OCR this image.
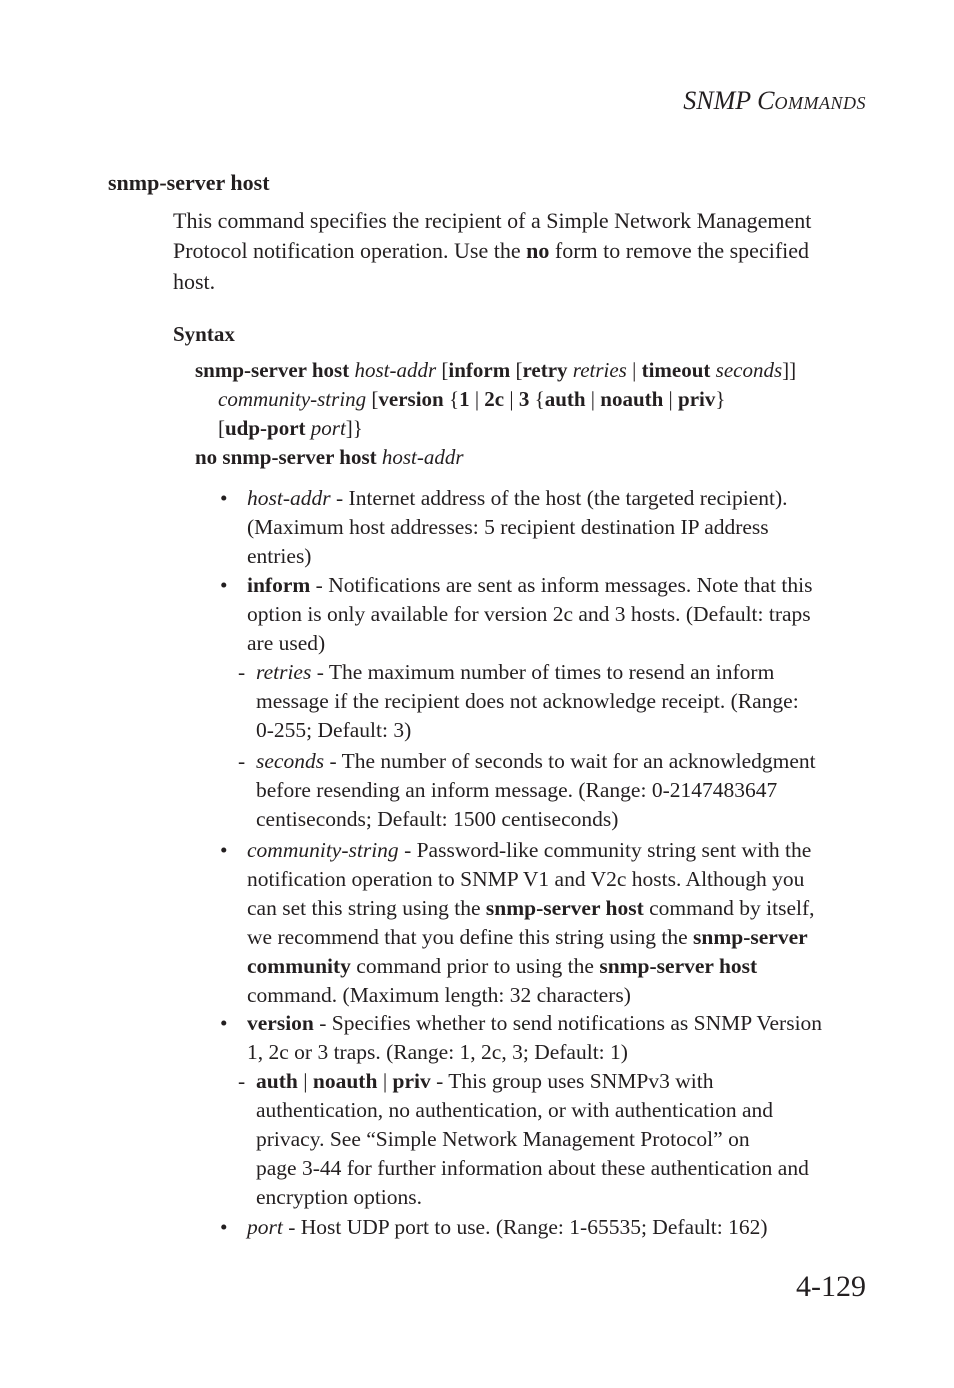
SNMP COMMANDS
snmp-server host
This command specifies the recipient of a Simple Network Management
Protocol notification operation. Use the no form to remove the specified
host.
Syntax
snmp-server host host-addr [inform [retry retries | timeout seconds]]
community-string [version {1 | 2c | 3 {auth | noauth | priv}
[udp-port port]}
no snmp-server host host-addr
• host-addr - Internet address of the host (the targeted recipient).
(Maximum host addresses: 5 recipient destination IP address
entries)
• inform - Notifications are sent as inform messages. Note that this
option is only available for version 2c and 3 hosts. (Default: traps
are used)
- retries - The maximum number of times to resend an inform
message if the recipient does not acknowledge receipt. (Range:
0-255; Default: 3)
- seconds - The number of seconds to wait for an acknowledgment
before resending an inform message. (Range: 0-2147483647
centiseconds; Default: 1500 centiseconds)
• community-string - Password-like community string sent with the
notification operation to SNMP V1 and V2c hosts. Although you
can set this string using the snmp-server host command by itself,
we recommend that you define this string using the snmp-server
community command prior to using the snmp-server host
command. (Maximum length: 32 characters)
• version - Specifies whether to send notifications as SNMP Version
1, 2c or 3 traps. (Range: 1, 2c, 3; Default: 1)
- auth | noauth | priv - This group uses SNMPv3 with
authentication, no authentication, or with authentication and
privacy. See “Simple Network Management Protocol” on
page 3-44 for further information about these authentication and
encryption options.
• port - Host UDP port to use. (Range: 1-65535; Default: 162)
4-129
